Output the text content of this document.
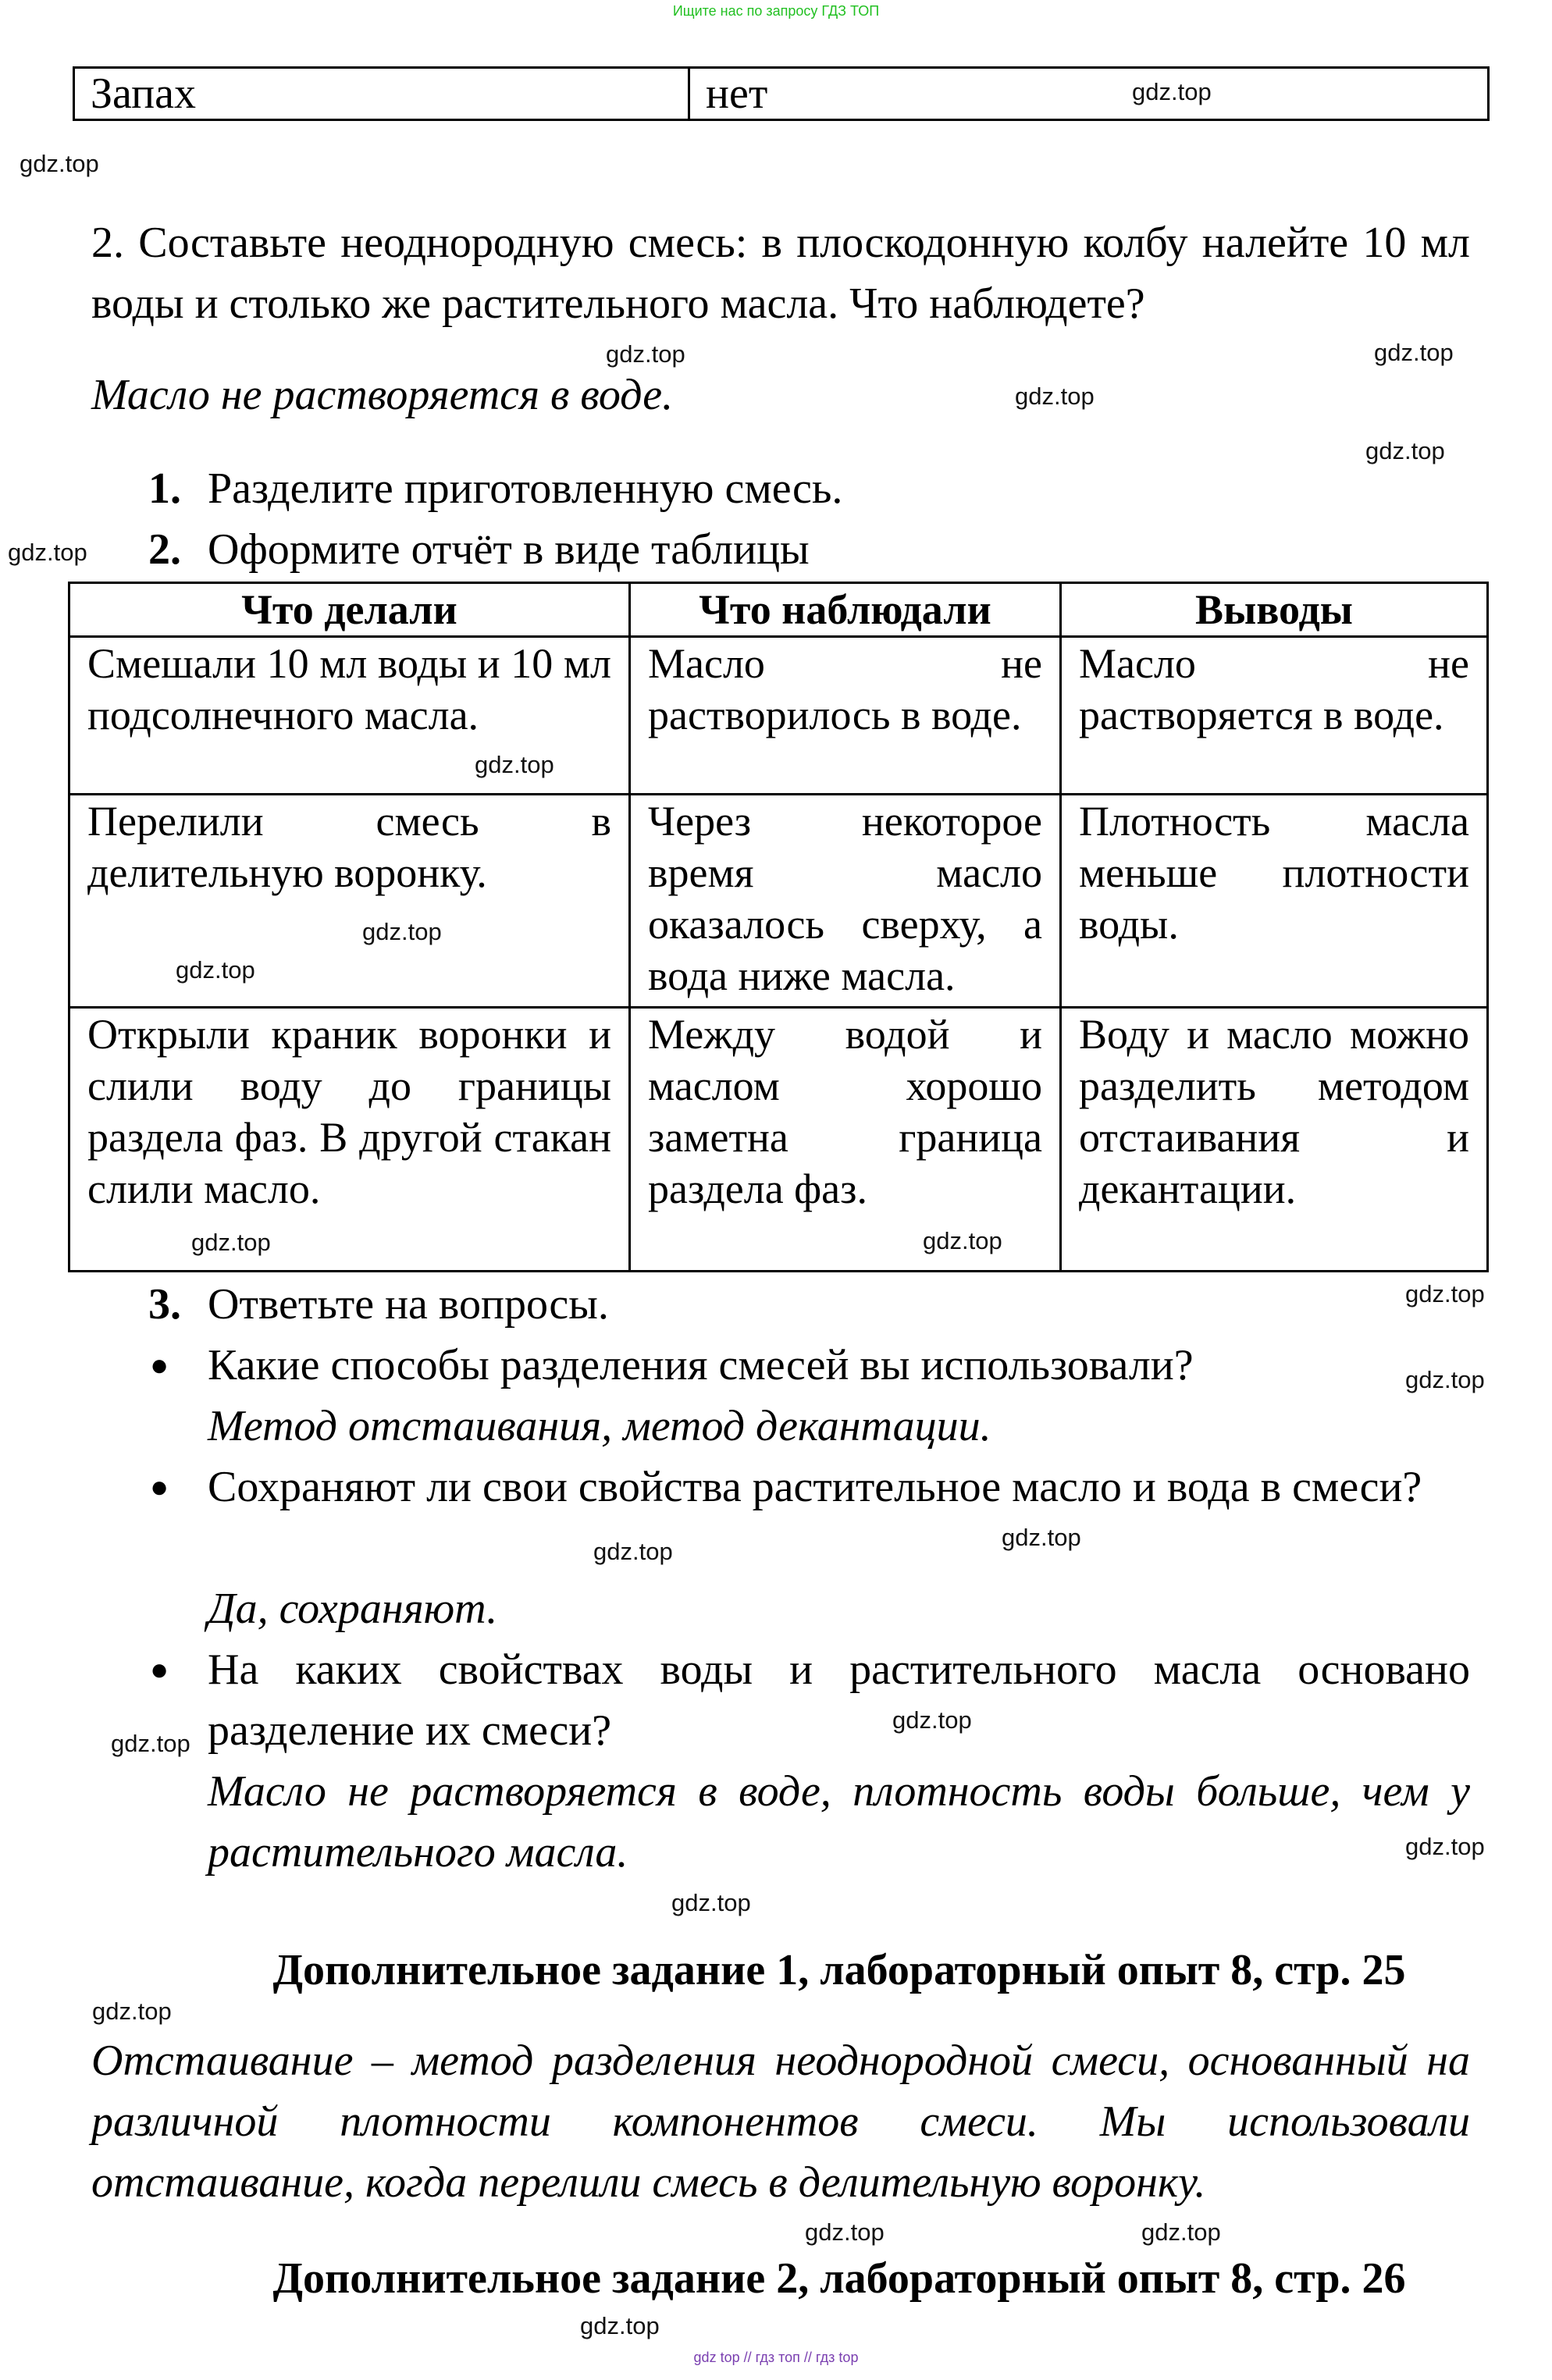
Ищите нас по запросу ГДЗ ТОП
Запах	нет
2. Составьте неоднородную смесь: в плоскодонную колбу налейте 10 мл воды и столько же растительного масла. Что наблюдете?
Масло не растворяется в воде.
1. Разделите приготовленную смесь.
2. Оформите отчёт в виде таблицы
Что делали	Что наблюдали	Выводы
Смешали 10 мл воды и 10 мл подсолнечного масла.	Масло не растворилось в воде.	Масло не растворяется в воде.
Перелили смесь в делительную воронку.	Через некоторое время масло оказалось сверху, а вода ниже масла.	Плотность масла меньше плотности воды.
Открыли краник воронки и слили воду до границы раздела фаз. В другой стакан слили масло.	Между водой и маслом хорошо заметна граница раздела фаз.	Воду и масло можно разделить методом отстаивания и декантации.
3. Ответьте на вопросы.
● Какие способы разделения смесей вы использовали?
Метод отстаивания, метод декантации.
● Сохраняют ли свои свойства растительное масло и вода в смеси?
Да, сохраняют.
● На каких свойствах воды и растительного масла основано разделение их смеси?
Масло не растворяется в воде, плотность воды больше, чем у растительного масла.
Дополнительное задание 1, лабораторный опыт 8, стр. 25
Отстаивание – метод разделения неоднородной смеси, основанный на различной плотности компонентов смеси. Мы использовали отстаивание, когда перелили смесь в делительную воронку.
Дополнительное задание 2, лабораторный опыт 8, стр. 26
gdz.top
gdz.top
gdz.top
gdz.top
gdz.top
gdz.top
gdz.top
gdz.top
gdz.top
gdz.top
gdz.top
gdz.top
gdz.top
gdz.top
gdz.top
gdz.top
gdz.top
gdz.top
gdz.top
gdz.top
gdz.top
gdz.top
gdz.top
gdz.top
gdz top // гдз топ // гдз top
